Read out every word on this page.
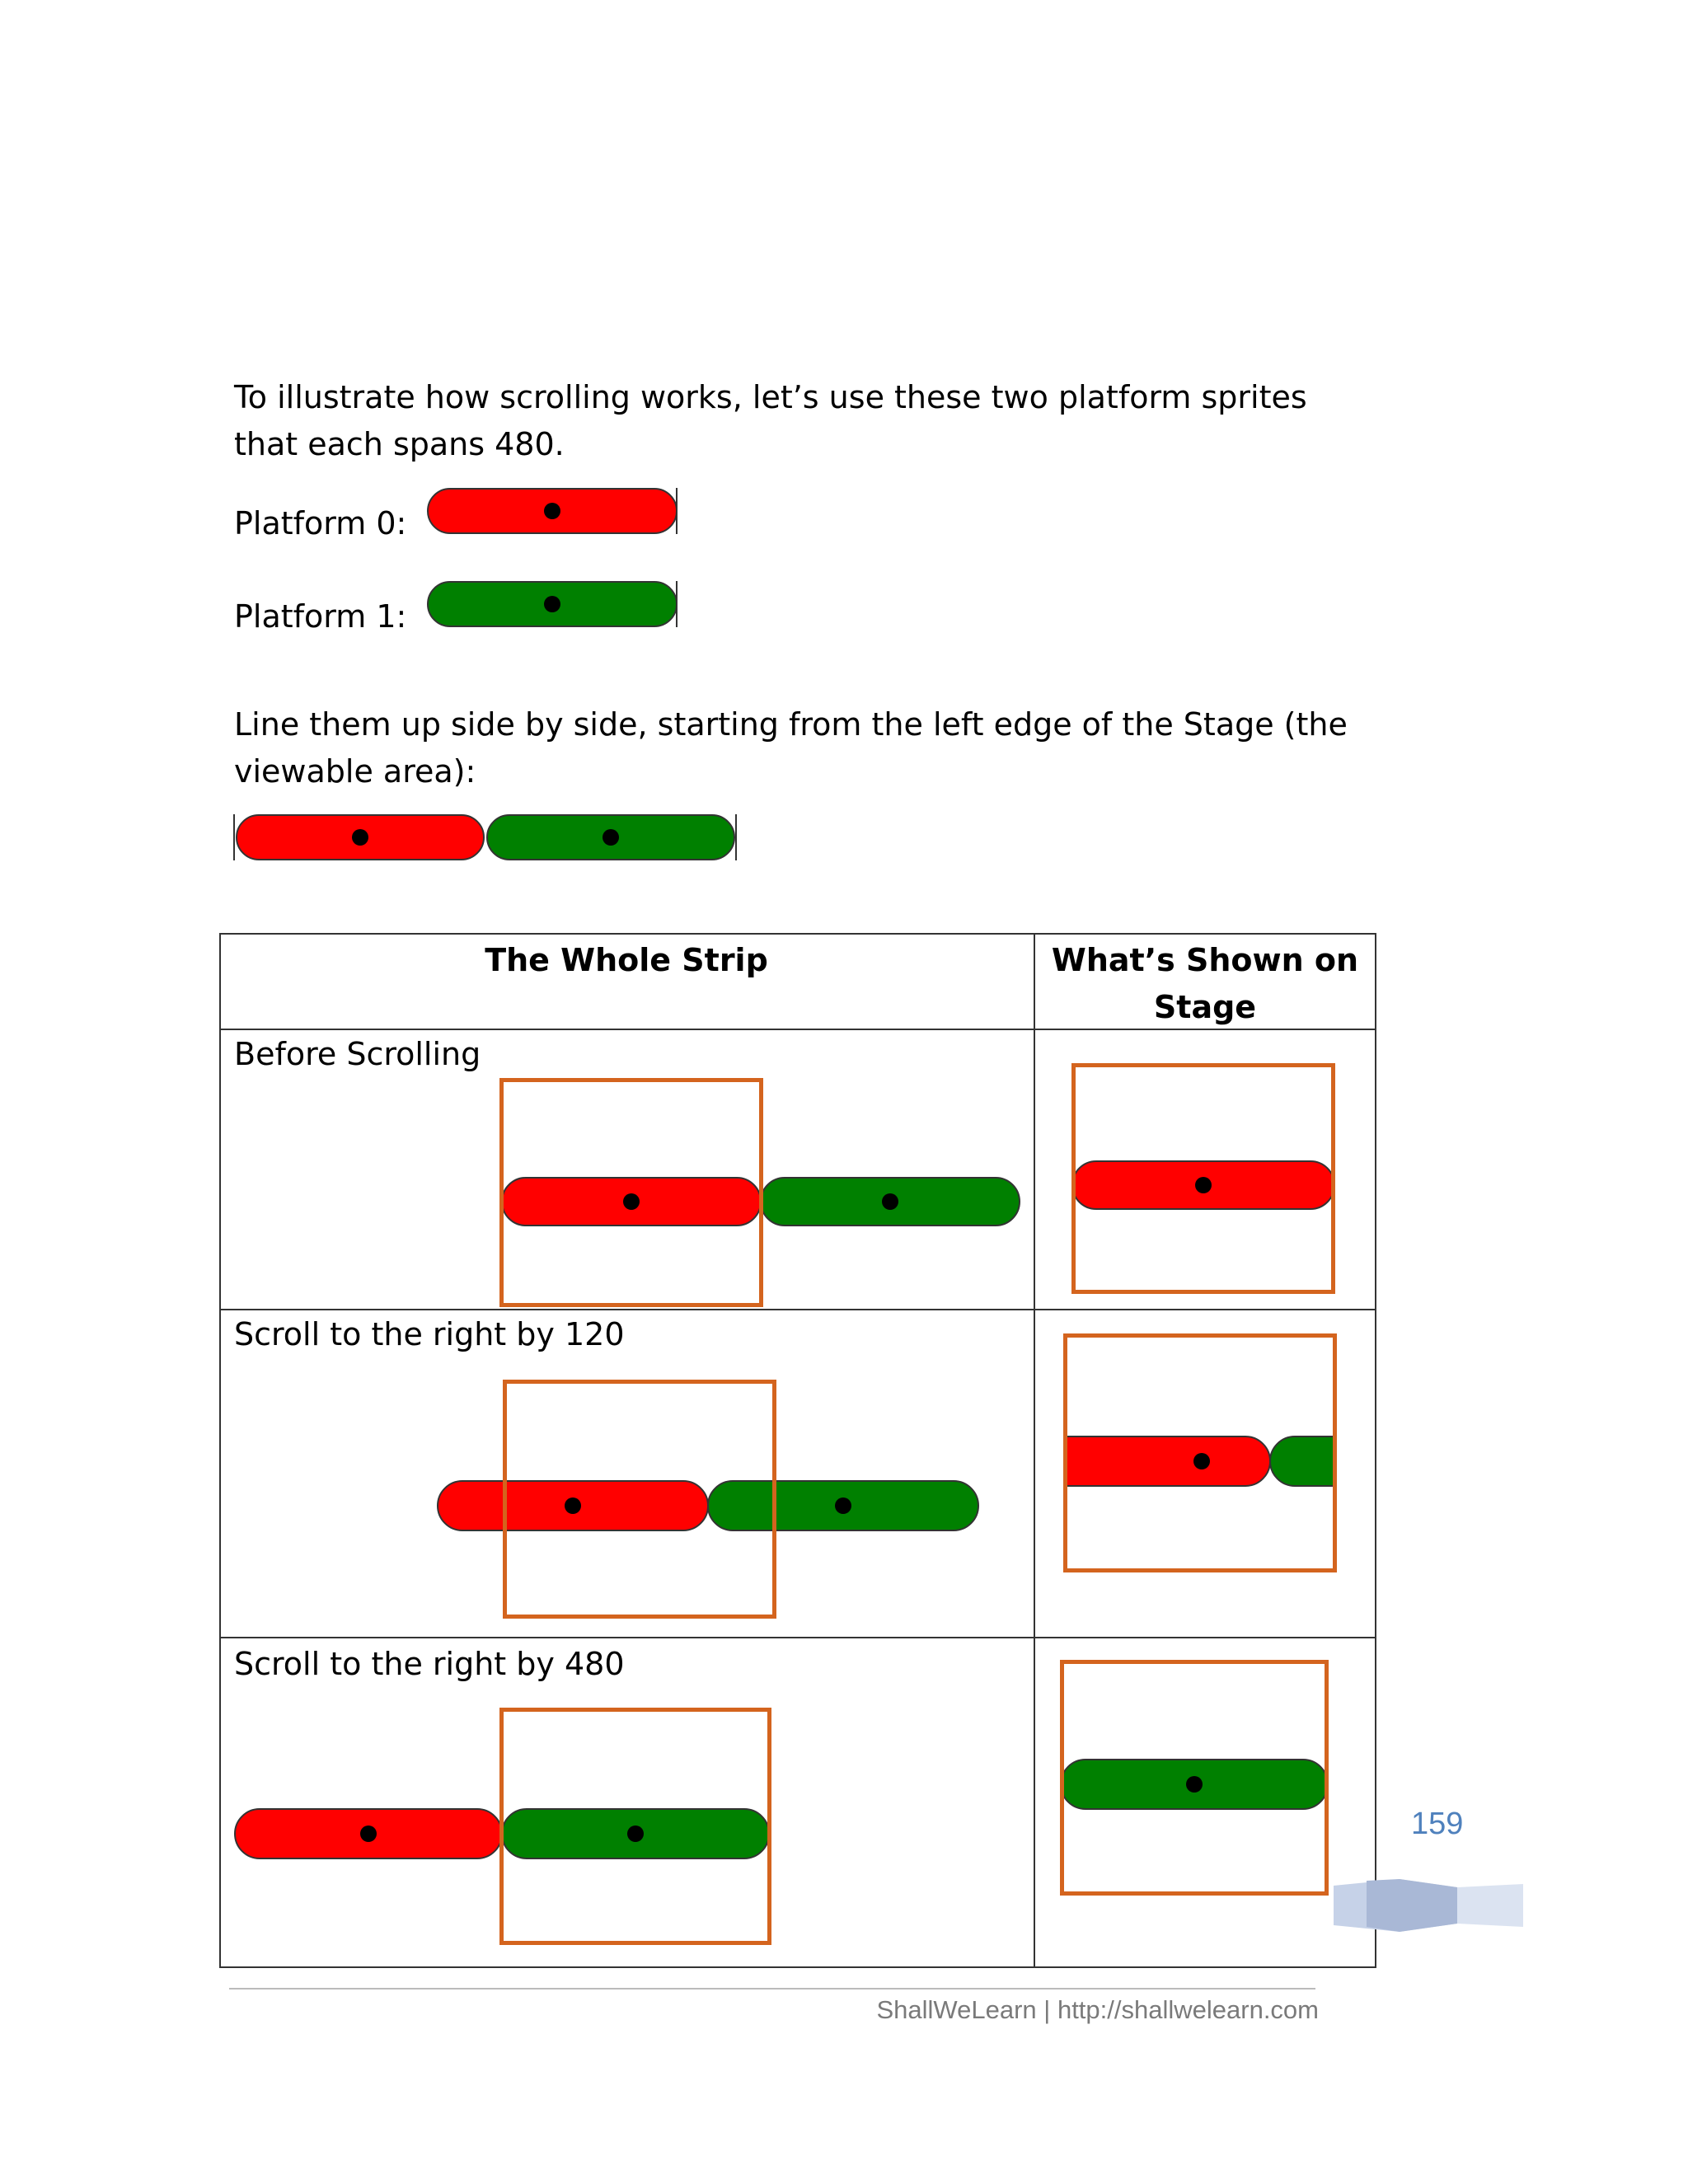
To illustrate how scrolling works, let’s use these two platform sprites
that each spans 480.

Platform 0:
Platform 1:

Line them up side by side, starting from the left edge of the Stage (the
viewable area):

The Whole Strip	What’s Shown on
Stage
Before Scrolling
Scroll to the right by 120
Scroll to the right by 480
159
ShallWeLearn | http://shallwelearn.com
